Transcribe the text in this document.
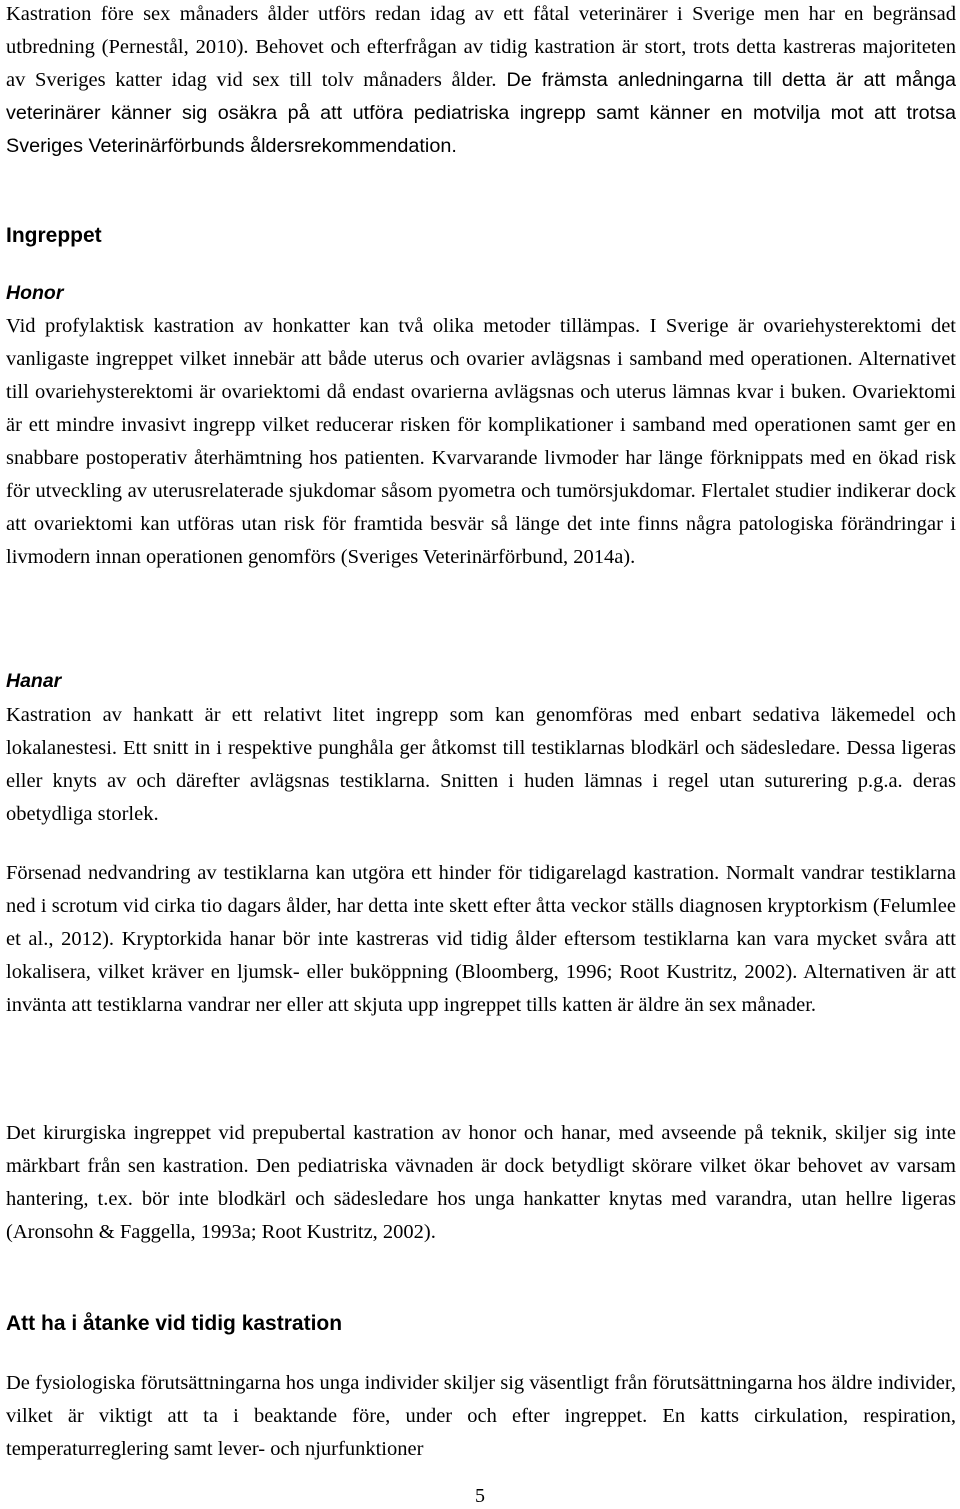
Kastration före sex månaders ålder utförs redan idag av ett fåtal veterinärer i Sverige men har en begränsad utbredning (Pernestål, 2010). Behovet och efterfrågan av tidig kastration är stort, trots detta kastreras majoriteten av Sveriges katter idag vid sex till tolv månaders ålder. De främsta anledningarna till detta är att många veterinärer känner sig osäkra på att utföra pediatriska ingrepp samt känner en motvilja mot att trotsa Sveriges Veterinärförbunds åldersrekommendation.

Ingreppet
Honor

Vid profylaktisk kastration av honkatter kan två olika metoder tillämpas. I Sverige är ovariehysterektomi det vanligaste ingreppet vilket innebär att både uterus och ovarier avlägsnas i samband med operationen. Alternativet till ovariehysterektomi är ovariektomi då endast ovarierna avlägsnas och uterus lämnas kvar i buken. Ovariektomi är ett mindre invasivt ingrepp vilket reducerar risken för komplikationer i samband med operationen samt ger en snabbare postoperativ återhämtning hos patienten. Kvarvarande livmoder har länge förknippats med en ökad risk för utveckling av uterusrelaterade sjukdomar såsom pyometra och tumörsjukdomar. Flertalet studier indikerar dock att ovariektomi kan utföras utan risk för framtida besvär så länge det inte finns några patologiska förändringar i livmodern innan operationen genomförs (Sveriges Veterinärförbund, 2014a).

Hanar

Kastration av hankatt är ett relativt litet ingrepp som kan genomföras med enbart sedativa läkemedel och lokalanestesi. Ett snitt in i respektive punghåla ger åtkomst till testiklarnas blodkärl och sädesledare. Dessa ligeras eller knyts av och därefter avlägsnas testiklarna. Snitten i huden lämnas i regel utan suturering p.g.a. deras obetydliga storlek.

Försenad nedvandring av testiklarna kan utgöra ett hinder för tidigarelagd kastration. Normalt vandrar testiklarna ned i scrotum vid cirka tio dagars ålder, har detta inte skett efter åtta veckor ställs diagnosen kryptorkism (Felumlee et al., 2012). Kryptorkida hanar bör inte kastreras vid tidig ålder eftersom testiklarna kan vara mycket svåra att lokalisera, vilket kräver en ljumsk- eller buköppning (Bloomberg, 1996; Root Kustritz, 2002). Alternativen är att invänta att testiklarna vandrar ner eller att skjuta upp ingreppet tills katten är äldre än sex månader.

Det kirurgiska ingreppet vid prepubertal kastration av honor och hanar, med avseende på teknik, skiljer sig inte märkbart från sen kastration. Den pediatriska vävnaden är dock betydligt skörare vilket ökar behovet av varsam hantering, t.ex. bör inte blodkärl och sädesledare hos unga hankatter knytas med varandra, utan hellre ligeras (Aronsohn & Faggella, 1993a; Root Kustritz, 2002).

Att ha i åtanke vid tidig kastration

De fysiologiska förutsättningarna hos unga individer skiljer sig väsentligt från förutsättningarna hos äldre individer, vilket är viktigt att ta i beaktande före, under och efter ingreppet. En katts cirkulation, respiration, temperaturreglering samt lever- och njurfunktioner

5
